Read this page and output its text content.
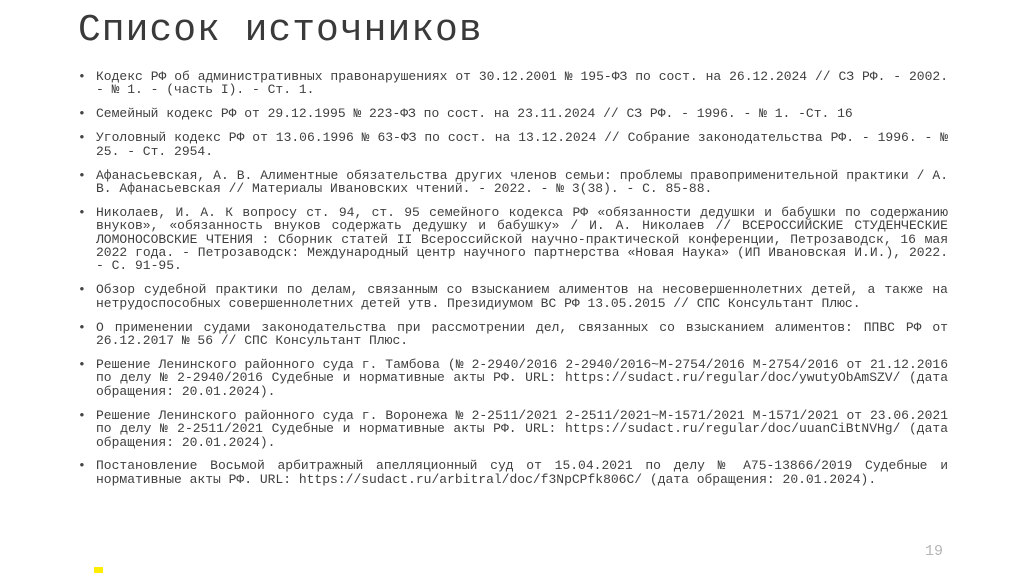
Список источников
• Кодекс РФ об административных правонарушениях от 30.12.2001 № 195-ФЗ по сост. на 26.12.2024 // СЗ РФ. - 2002. - № 1. - (часть I). - Ст. 1.
• Семейный кодекс РФ от 29.12.1995 № 223-ФЗ по сост. на 23.11.2024 // СЗ РФ. - 1996. - № 1. -Ст. 16
• Уголовный кодекс РФ от 13.06.1996 № 63-ФЗ по сост. на 13.12.2024 // Собрание законодательства РФ. - 1996. - № 25. - Ст. 2954.
• Афанасьевская, А. В. Алиментные обязательства других членов семьи: проблемы правоприменительной практики / А. В. Афанасьевская // Материалы Ивановских чтений. - 2022. - № 3(38). - С. 85-88.
• Николаев, И. А. К вопросу ст. 94, ст. 95 семейного кодекса РФ «обязанности дедушки и бабушки по содержанию внуков», «обязанность внуков содержать дедушку и бабушку» / И. А. Николаев // ВСЕРОССИЙСКИЕ СТУДЕНЧЕСКИЕ ЛОМОНОСОВСКИЕ ЧТЕНИЯ : Сборник статей II Всероссийской научно-практической конференции, Петрозаводск, 16 мая 2022 года. - Петрозаводск: Международный центр научного партнерства «Новая Наука» (ИП Ивановская И.И.), 2022. - С. 91-95.
• Обзор судебной практики по делам, связанным со взысканием алиментов на несовершеннолетних детей, а также на нетрудоспособных совершеннолетних детей утв. Президиумом ВС РФ 13.05.2015 // СПС Консультант Плюс.
• О применении судами законодательства при рассмотрении дел, связанных со взысканием алиментов: ППВС РФ от 26.12.2017 № 56 // СПС Консультант Плюс.
• Решение Ленинского районного суда г. Тамбова (№ 2-2940/2016 2-2940/2016~М-2754/2016 М-2754/2016 от 21.12.2016 по делу № 2-2940/2016 Судебные и нормативные акты РФ. URL: https://sudact.ru/regular/doc/ywutyObAmSZV/ (дата обращения: 20.01.2024).
• Решение Ленинского районного суда г. Воронежа № 2-2511/2021 2-2511/2021~М-1571/2021 М-1571/2021 от 23.06.2021 по делу № 2-2511/2021 Судебные и нормативные акты РФ. URL: https://sudact.ru/regular/doc/uuanCiBtNVHg/ (дата обращения: 20.01.2024).
• Постановление Восьмой арбитражный апелляционный суд от 15.04.2021 по делу № А75-13866/2019 Судебные и нормативные акты РФ. URL: https://sudact.ru/arbitral/doc/f3NpCPfk806C/ (дата обращения: 20.01.2024).
19
